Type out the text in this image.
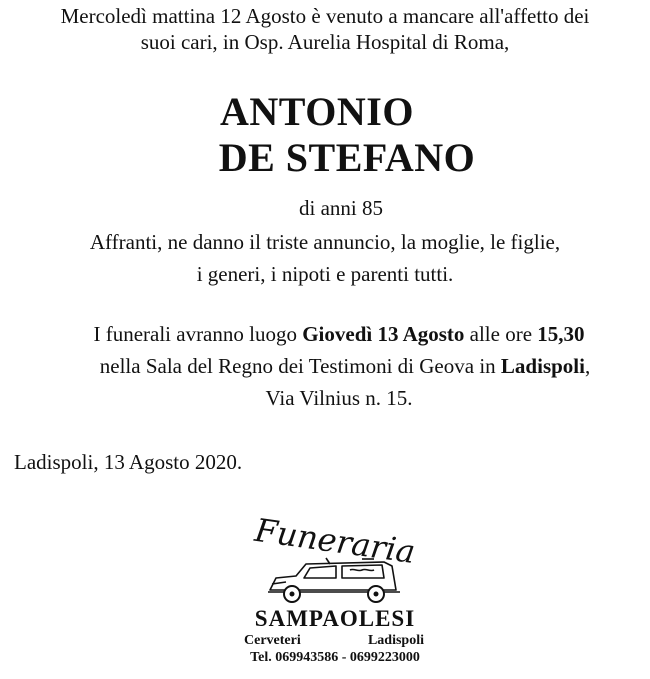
Mercoledì mattina 12 Agosto è venuto a mancare all'affetto dei
suoi cari, in Osp. Aurelia Hospital di Roma,
ANTONIO
DE STEFANO
di anni 85
Affranti, ne danno il triste annuncio, la moglie, le figlie,
i generi, i nipoti e parenti tutti.
I funerali avranno luogo Giovedì 13 Agosto alle ore 15,30
nella Sala del Regno dei Testimoni di Geova in Ladispoli,
Via Vilnius n. 15.
Ladispoli, 13 Agosto 2020.
Funeraria
SAMPAOLESI
Cerveteri	Ladispoli
Tel. 069943586 - 0699223000
